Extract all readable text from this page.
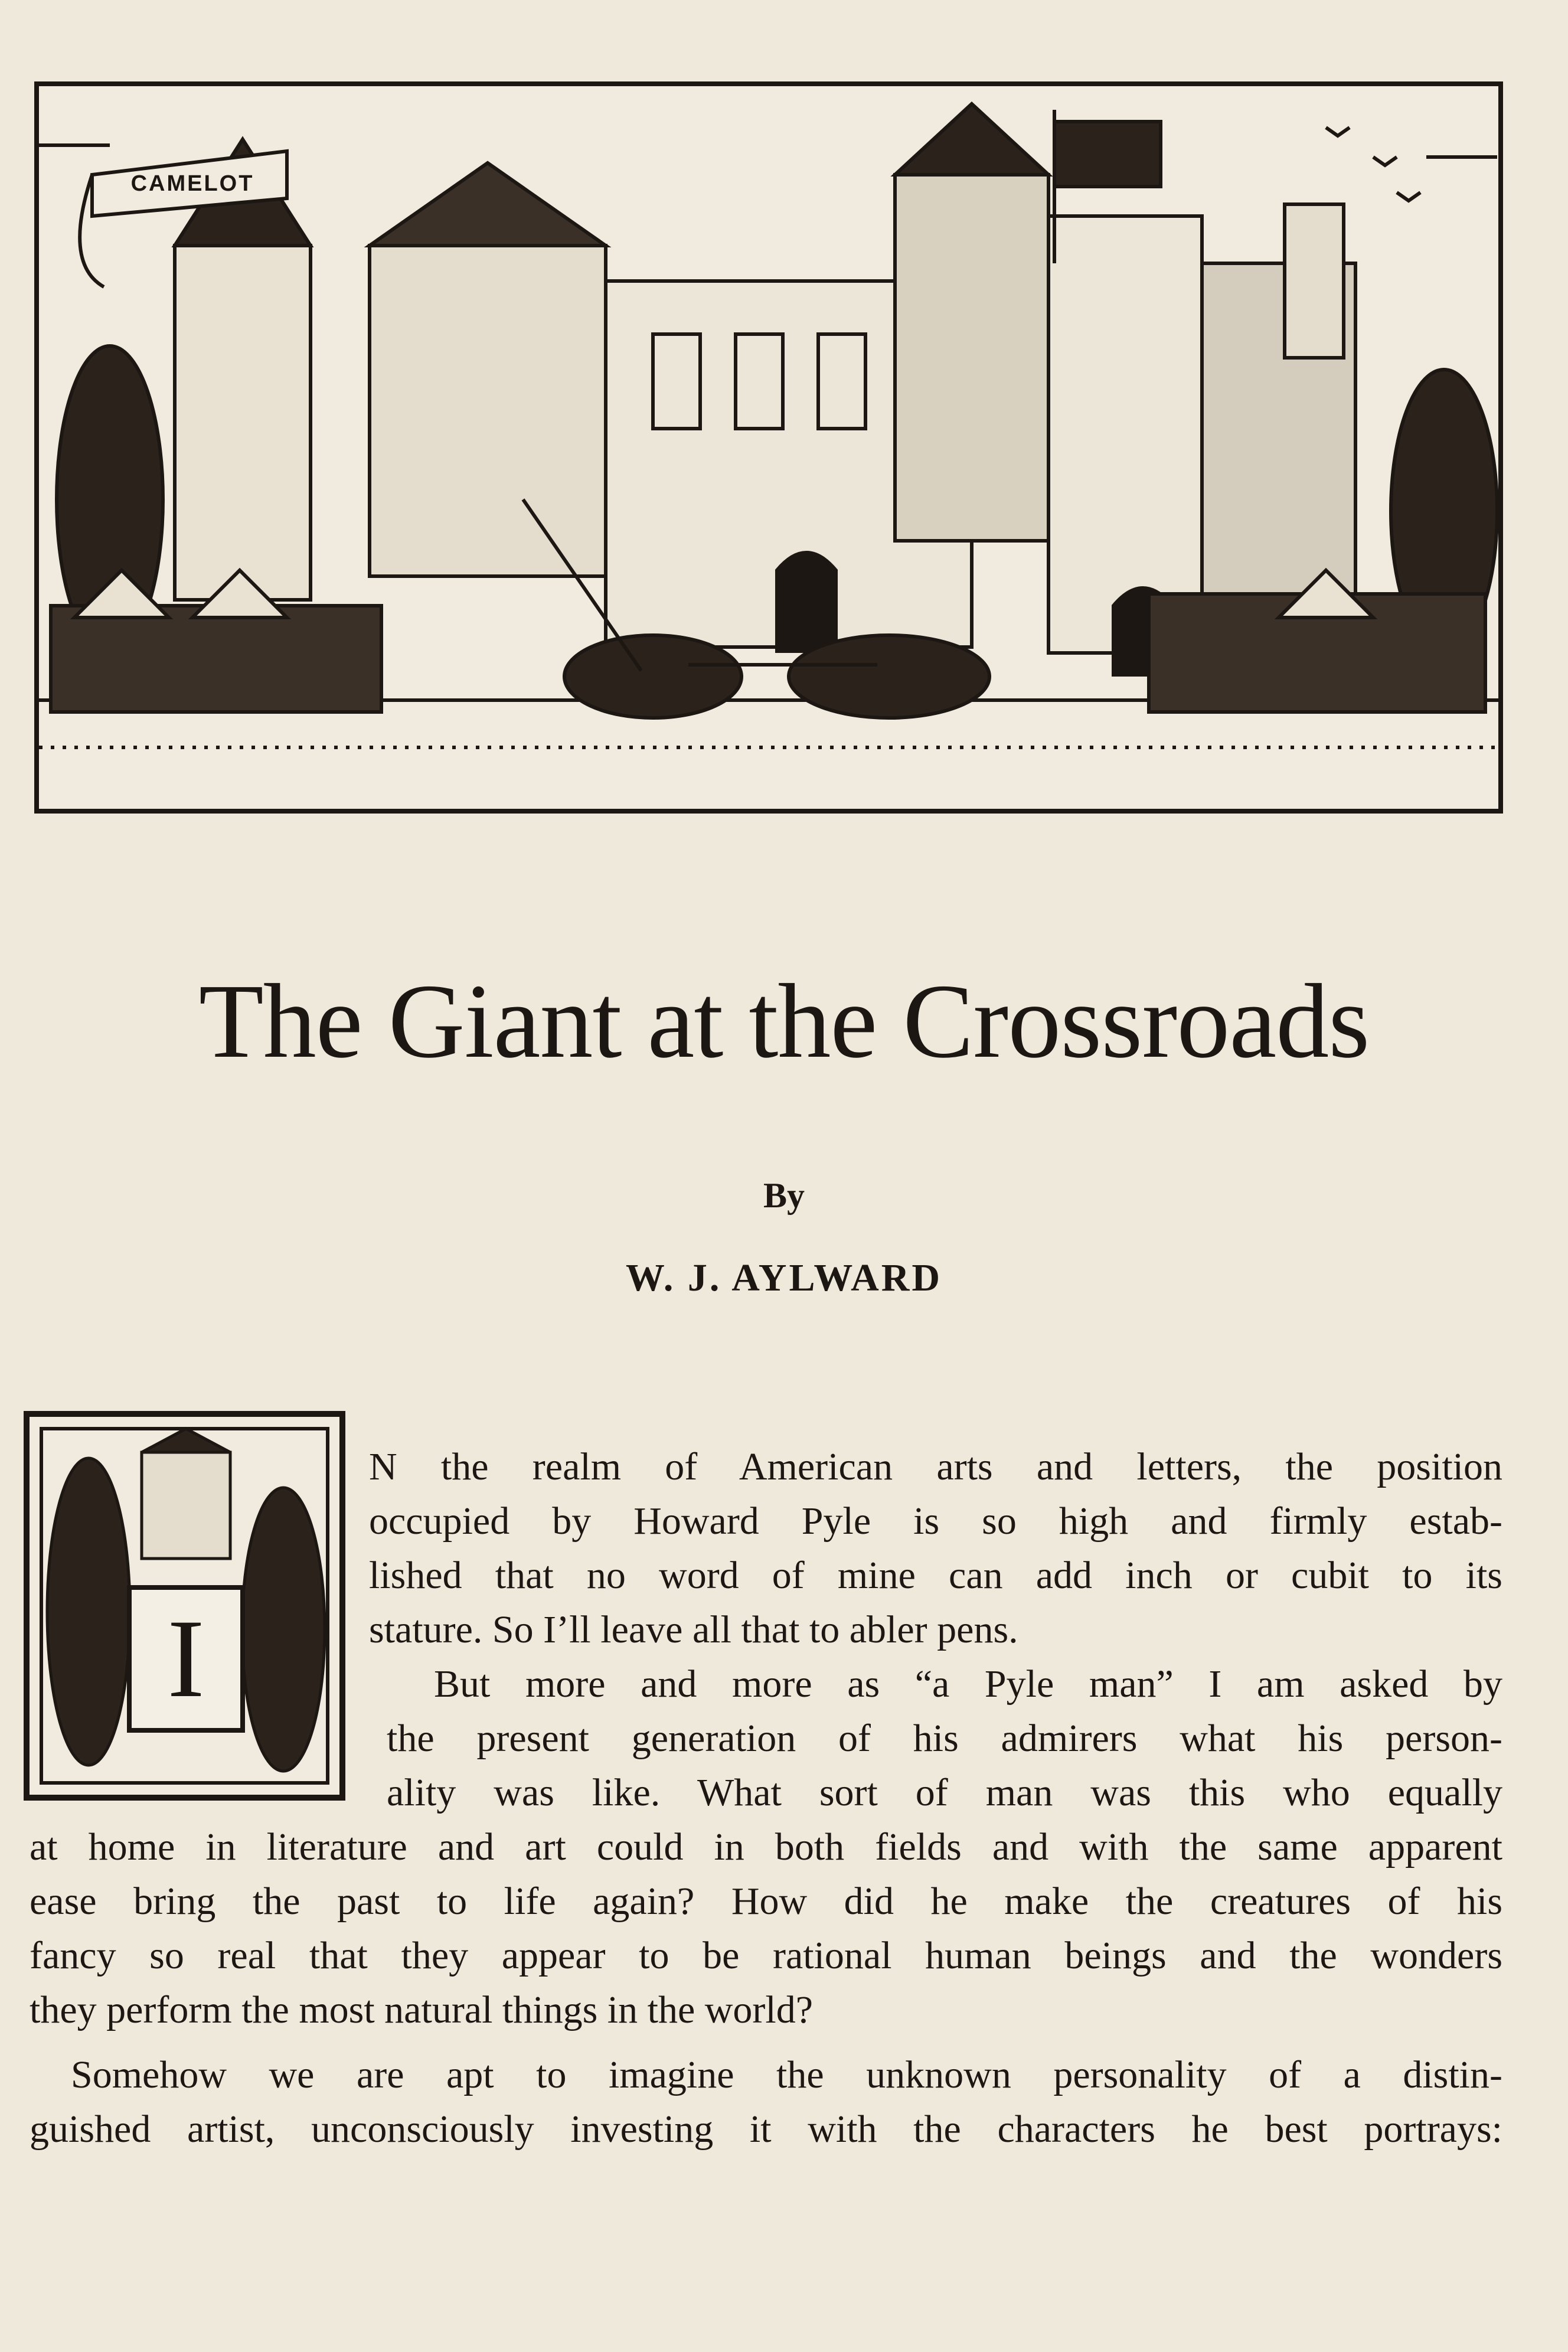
CAMELOT
The Giant at the Crossroads
By
W. J. AYLWARD
I
N the realm of American arts and letters, the position
occupied by Howard Pyle is so high and firmly estab-
lished that no word of mine can add inch or cubit to its
stature. So I’ll leave all that to abler pens.
But more and more as “a Pyle man” I am asked by
the present generation of his admirers what his person-
ality was like. What sort of man was this who equally
at home in literature and art could in both fields and with the same apparent
ease bring the past to life again? How did he make the creatures of his
fancy so real that they appear to be rational human beings and the wonders
they perform the most natural things in the world?
Somehow we are apt to imagine the unknown personality of a distin-
guished artist, unconsciously investing it with the characters he best portrays:
